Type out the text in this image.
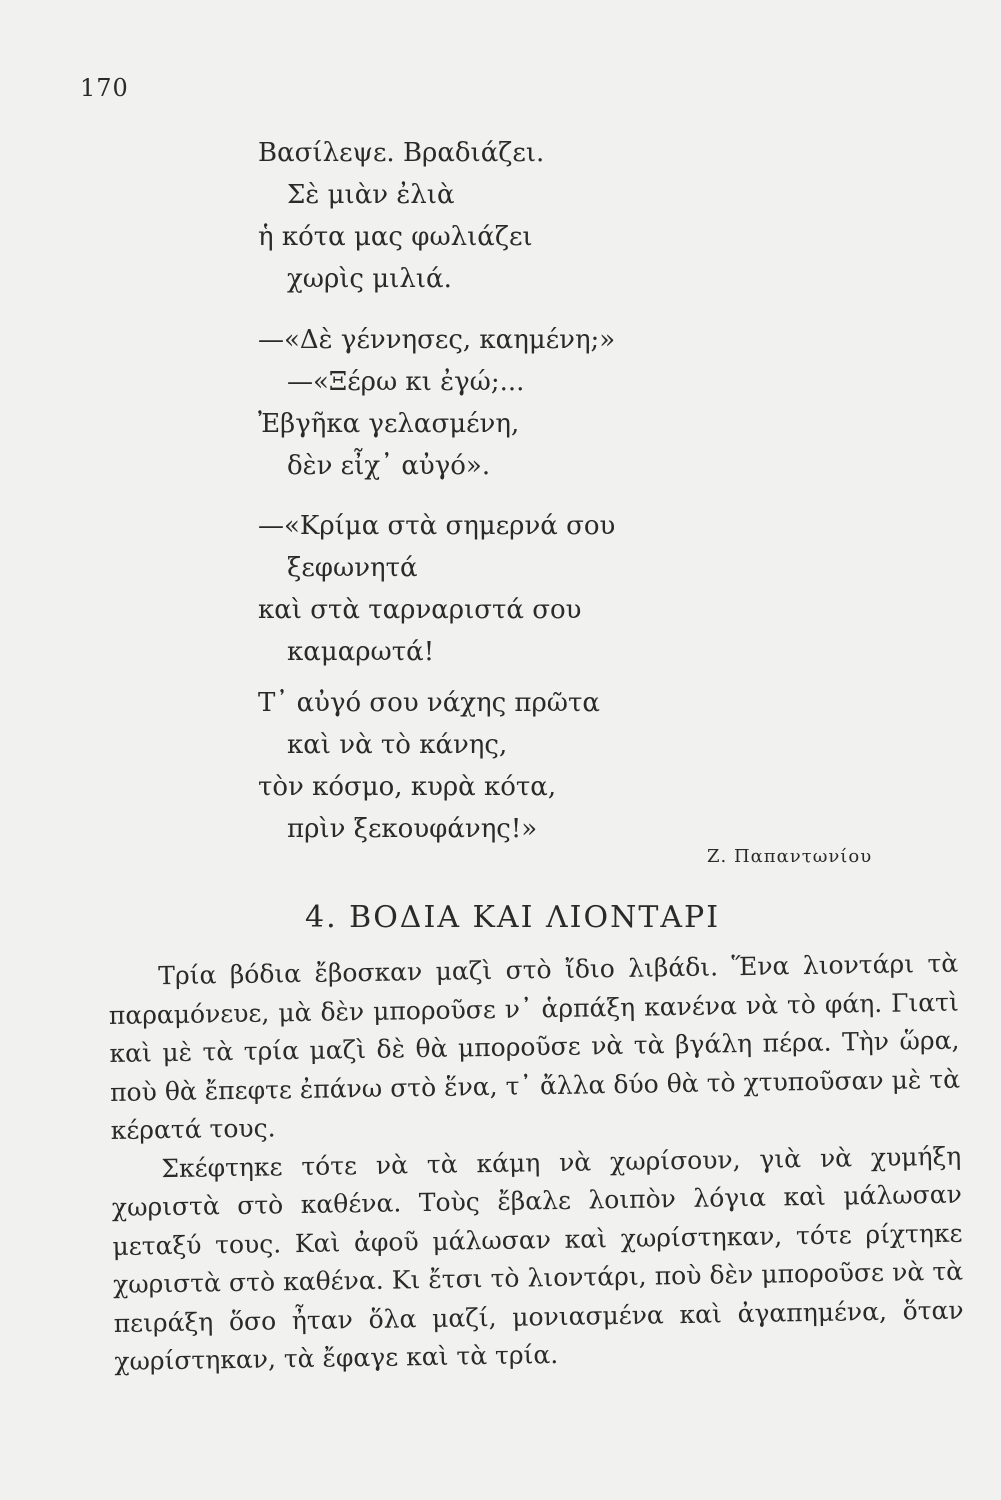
170
Βασίλεψε. Βραδιάζει.
Σὲ μιὰν ἐλιὰ
ἡ κότα μας φωλιάζει
χωρὶς μιλιά.
—«Δὲ γέννησες, καημένη;»
—«Ξέρω κι ἐγώ;...
Ἐβγῆκα γελασμένη,
δὲν εἶχ᾽ αὐγό».
—«Κρίμα στὰ σημερνά σου
ξεφωνητά
καὶ στὰ ταρναριστά σου
καμαρωτά!
Τ᾽ αὐγό σου νάχης πρῶτα
καὶ νὰ τὸ κάνης,
τὸν κόσμο, κυρὰ κότα,
πρὶν ξεκουφάνης!»
Ζ. Παπαντωνίου
4. ΒΟΔΙΑ ΚΑΙ ΛΙΟΝΤΑΡΙ

Τρία βόδια ἔβοσκαν μαζὶ στὸ ἴδιο λιβάδι. Ἕνα λιοντάρι τὰ παραμόνευε, μὰ δὲν μποροῦσε ν᾽ ἁρπάξη κανένα νὰ τὸ φάη. Γιατὶ καὶ μὲ τὰ τρία μαζὶ δὲ θὰ μποροῦσε νὰ τὰ βγάλη πέρα. Τὴν ὥρα, ποὺ θὰ ἔπεφτε ἐπάνω στὸ ἕνα, τ᾽ ἄλλα δύο θὰ τὸ χτυποῦσαν μὲ τὰ κέρατά τους.

Σκέφτηκε τότε νὰ τὰ κάμη νὰ χωρίσουν, γιὰ νὰ χυμήξη χωριστὰ στὸ καθένα. Τοὺς ἔβαλε λοιπὸν λόγια καὶ μάλωσαν μεταξύ τους. Καὶ ἀφοῦ μάλωσαν καὶ χωρίστηκαν, τότε ρίχτηκε χωριστὰ στὸ καθένα. Κι ἔτσι τὸ λιοντάρι, ποὺ δὲν μποροῦσε νὰ τὰ πειράξη ὅσο ἦταν ὅλα μαζί, μονιασμένα καὶ ἀγαπημένα, ὅταν χωρίστηκαν, τὰ ἔφαγε καὶ τὰ τρία.
